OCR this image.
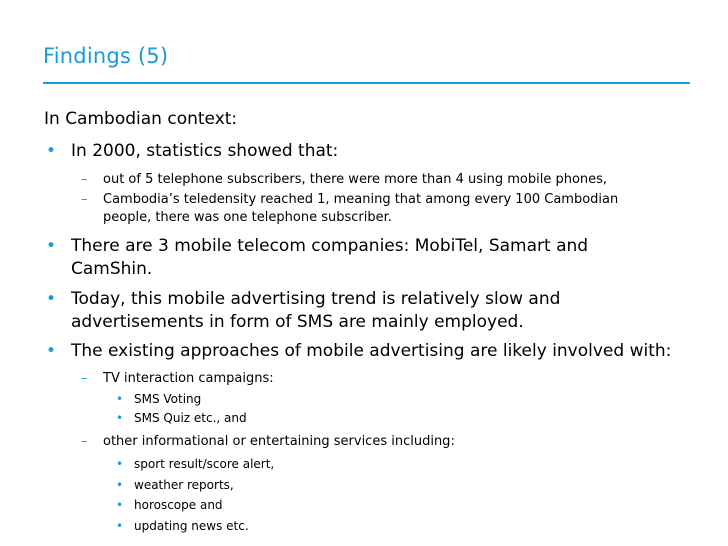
Findings (5)
In Cambodian context:
• In 2000, statistics showed that:
– out of 5 telephone subscribers, there were more than 4 using mobile phones,
– Cambodia’s teledensity reached 1, meaning that among every 100 Cambodian
people, there was one telephone subscriber.
• There are 3 mobile telecom companies: MobiTel, Samart and
CamShin.
• Today, this mobile advertising trend is relatively slow and
advertisements in form of SMS are mainly employed.
• The existing approaches of mobile advertising are likely involved with:
– TV interaction campaigns:
• SMS Voting
• SMS Quiz etc., and
– other informational or entertaining services including:
• sport result/score alert,
• weather reports,
• horoscope and
• updating news etc.
